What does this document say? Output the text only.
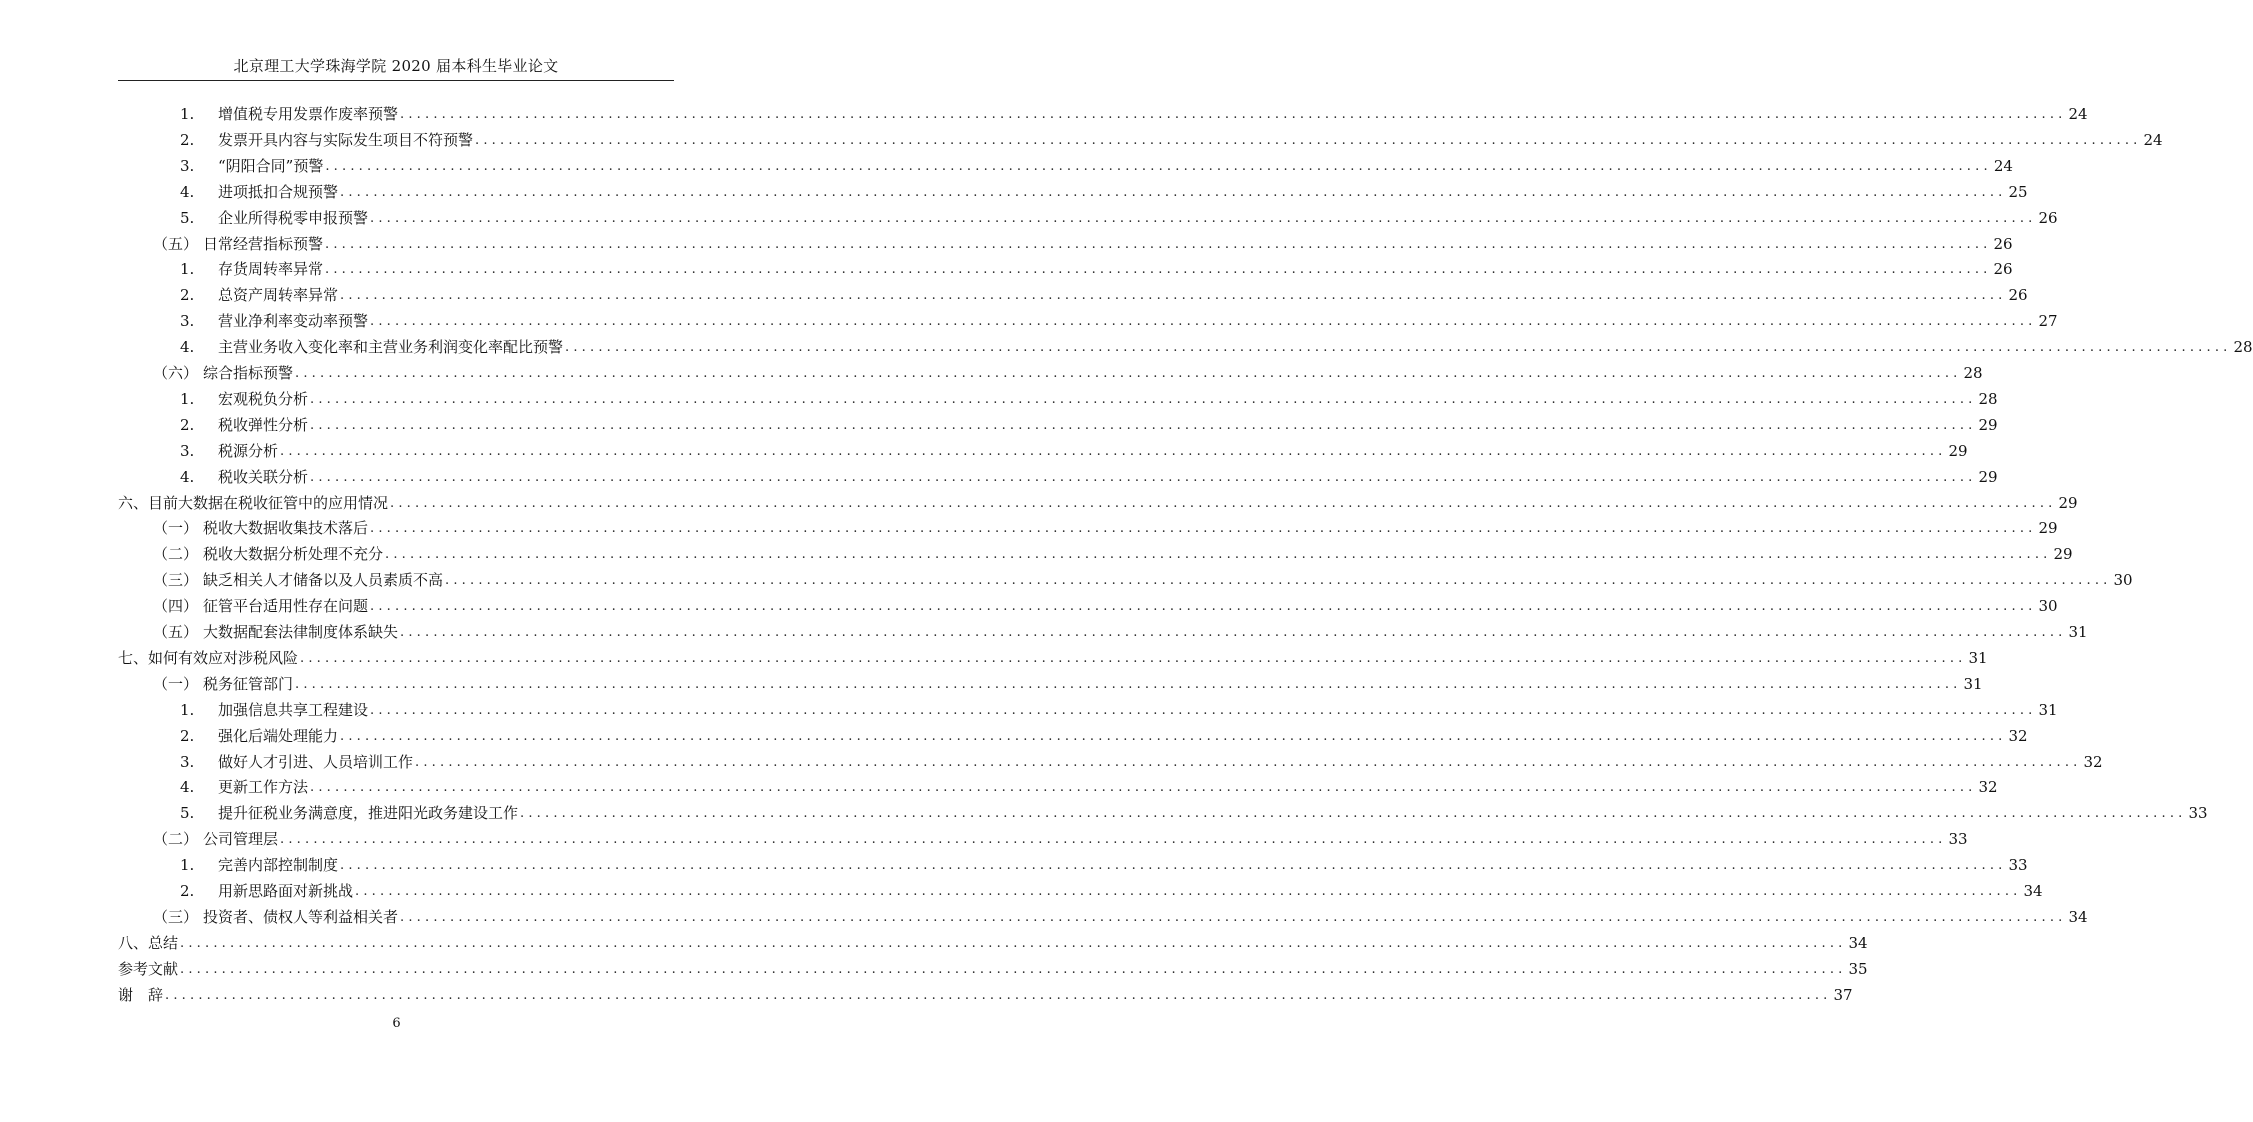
北京理工大学珠海学院 2020 届本科生毕业论文
1.	增值税专用发票作废率预警 ........................................................................................................................................................................................................ 24
2.	发票开具内容与实际发生项目不符预警 ........................................................................................................................................................................................................ 24
3.	“阴阳合同”预警 ........................................................................................................................................................................................................ 24
4.	进项抵扣合规预警 ........................................................................................................................................................................................................ 25
5.	企业所得税零申报预警 ........................................................................................................................................................................................................ 26
（五） 日常经营指标预警 ........................................................................................................................................................................................................ 26
1.	存货周转率异常 ........................................................................................................................................................................................................ 26
2.	总资产周转率异常 ........................................................................................................................................................................................................ 26
3.	营业净利率变动率预警 ........................................................................................................................................................................................................ 27
4.	主营业务收入变化率和主营业务利润变化率配比预警 ........................................................................................................................................................................................................ 28
（六） 综合指标预警 ........................................................................................................................................................................................................ 28
1.	宏观税负分析 ........................................................................................................................................................................................................ 28
2.	税收弹性分析 ........................................................................................................................................................................................................ 29
3.	税源分析 ........................................................................................................................................................................................................ 29
4.	税收关联分析 ........................................................................................................................................................................................................ 29
六、目前大数据在税收征管中的应用情况 ........................................................................................................................................................................................................ 29
（一） 税收大数据收集技术落后 ........................................................................................................................................................................................................ 29
（二） 税收大数据分析处理不充分 ........................................................................................................................................................................................................ 29
（三） 缺乏相关人才储备以及人员素质不高 ........................................................................................................................................................................................................ 30
（四） 征管平台适用性存在问题 ........................................................................................................................................................................................................ 30
（五） 大数据配套法律制度体系缺失 ........................................................................................................................................................................................................ 31
七、如何有效应对涉税风险 ........................................................................................................................................................................................................ 31
（一） 税务征管部门 ........................................................................................................................................................................................................ 31
1.	加强信息共享工程建设 ........................................................................................................................................................................................................ 31
2.	强化后端处理能力 ........................................................................................................................................................................................................ 32
3.	做好人才引进、人员培训工作 ........................................................................................................................................................................................................ 32
4.	更新工作方法 ........................................................................................................................................................................................................ 32
5.	提升征税业务满意度，推进阳光政务建设工作 ........................................................................................................................................................................................................ 33
（二） 公司管理层 ........................................................................................................................................................................................................ 33
1.	完善内部控制制度 ........................................................................................................................................................................................................ 33
2.	用新思路面对新挑战 ........................................................................................................................................................................................................ 34
（三） 投资者、债权人等利益相关者 ........................................................................................................................................................................................................ 34
八、总结 ........................................................................................................................................................................................................ 34
参考文献 ........................................................................................................................................................................................................ 35
谢　辞 ........................................................................................................................................................................................................ 37
6
